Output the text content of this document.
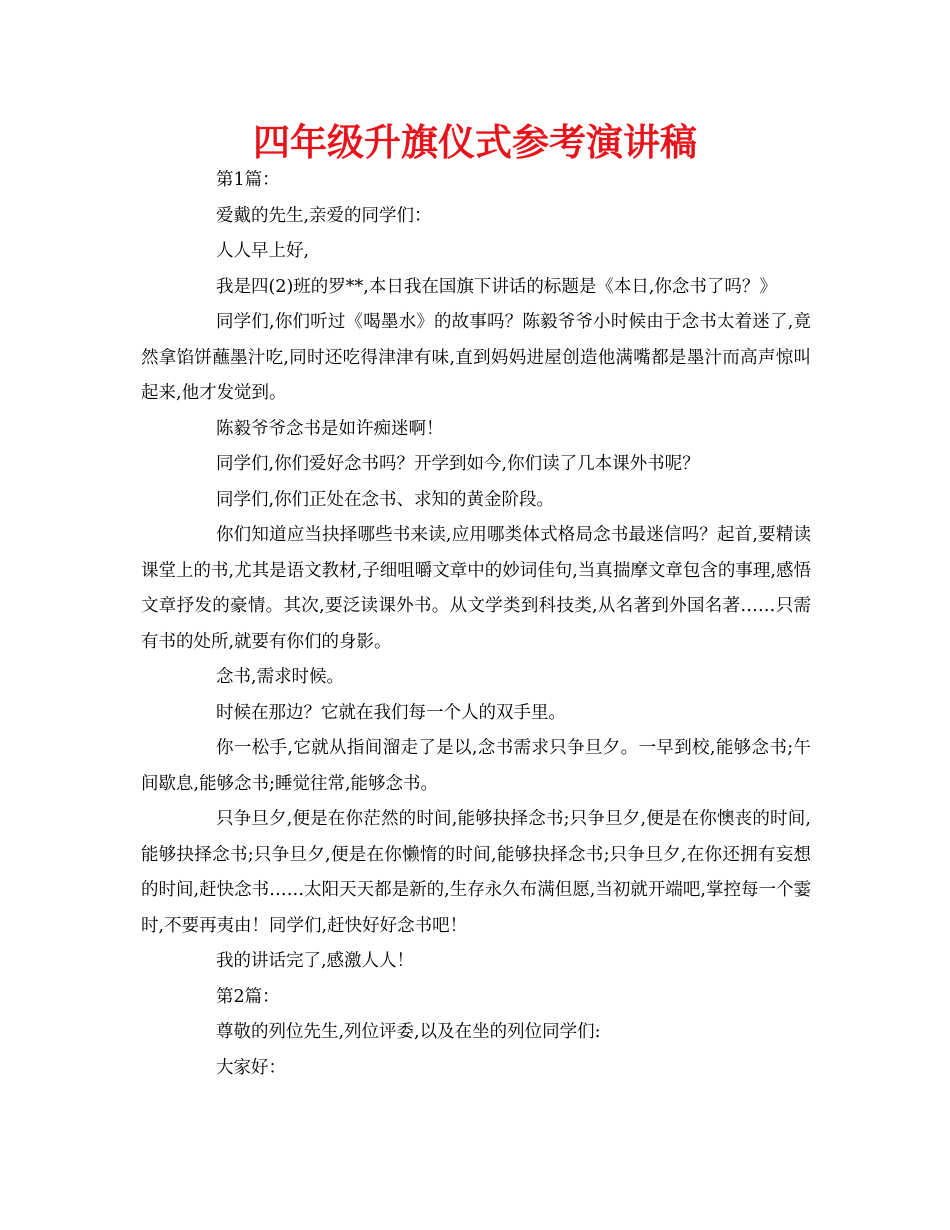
四年级升旗仪式参考演讲稿

第1篇：

爱戴的先生,亲爱的同学们：

人人早上好,

我是四(2)班的罗**,本日我在国旗下讲话的标题是《本日,你念书了吗？》

同学们,你们听过《喝墨水》的故事吗？陈毅爷爷小时候由于念书太着迷了,竟然拿馅饼蘸墨汁吃,同时还吃得津津有味,直到妈妈进屋创造他满嘴都是墨汁而高声惊叫起来,他才发觉到。

陈毅爷爷念书是如许痴迷啊！

同学们,你们爱好念书吗？开学到如今,你们读了几本课外书呢？

同学们,你们正处在念书、求知的黄金阶段。

你们知道应当抉择哪些书来读,应用哪类体式格局念书最迷信吗？起首,要精读课堂上的书,尤其是语文教材,子细咀嚼文章中的妙词佳句,当真揣摩文章包含的事理,感悟文章抒发的豪情。其次,要泛读课外书。从文学类到科技类,从名著到外国名著……只需有书的处所,就要有你们的身影。

念书,需求时候。

时候在那边？它就在我们每一个人的双手里。

你一松手,它就从指间溜走了是以,念书需求只争旦夕。一早到校,能够念书;午间歇息,能够念书;睡觉往常,能够念书。

只争旦夕,便是在你茫然的时间,能够抉择念书;只争旦夕,便是在你懊丧的时间,能够抉择念书;只争旦夕,便是在你懒惰的时间,能够抉择念书;只争旦夕,在你还拥有妄想的时间,赶快念书……太阳天天都是新的,生存永久布满但愿,当初就开端吧,掌控每一个霎时,不要再夷由！同学们,赶快好好念书吧！

我的讲话完了,感激人人！

第2篇：

尊敬的列位先生,列位评委,以及在坐的列位同学们:

大家好：
